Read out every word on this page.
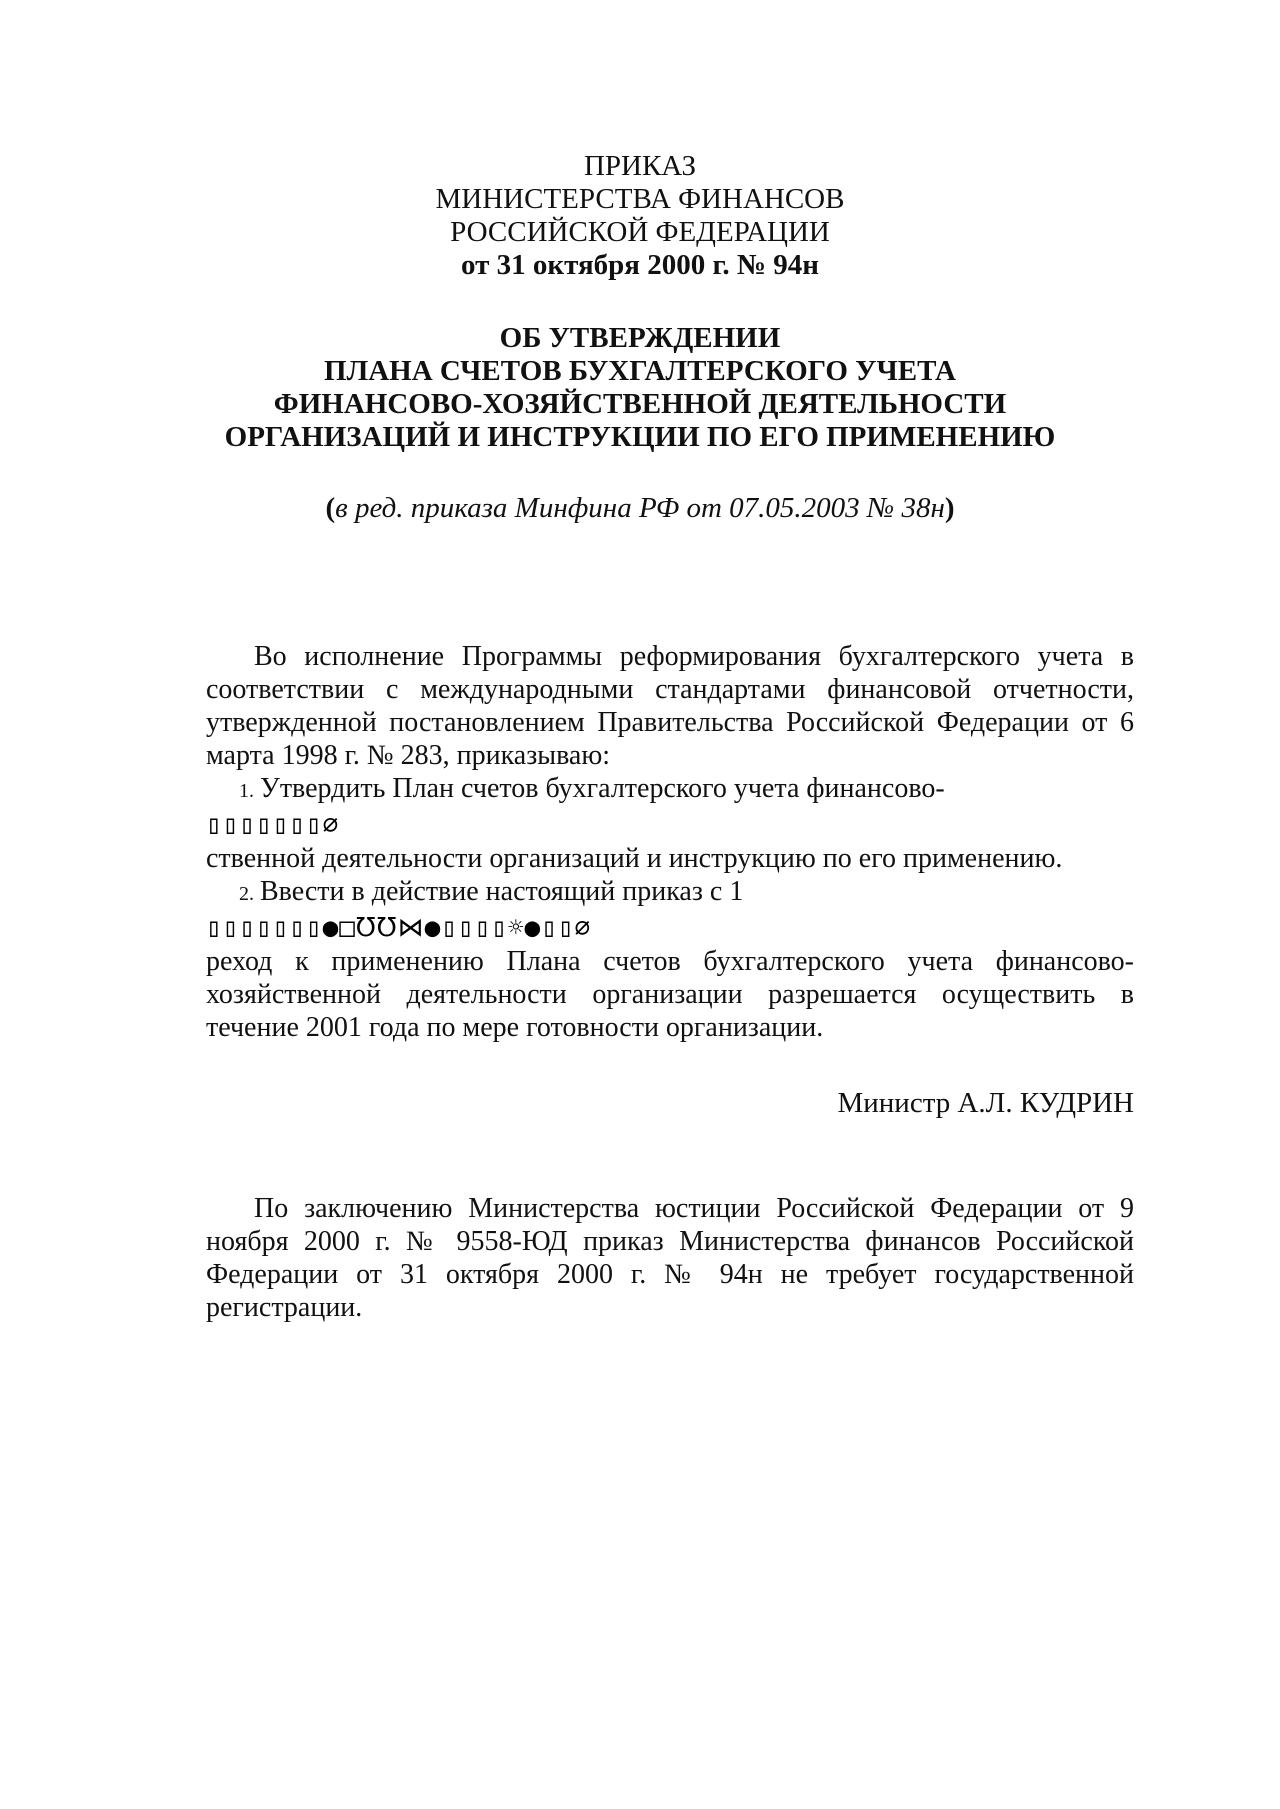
ПРИКАЗ
МИНИСТЕРСТВА ФИНАНСОВ
РОССИЙСКОЙ ФЕДЕРАЦИИ
от 31 октября 2000 г. № 94н
ОБ УТВЕРЖДЕНИИ
ПЛАНА СЧЕТОВ БУХГАЛТЕРСКОГО УЧЕТА
ФИНАНСОВО-ХОЗЯЙСТВЕННОЙ ДЕЯТЕЛЬНОСТИ
ОРГАНИЗАЦИЙ И ИНСТРУКЦИИ ПО ЕГО ПРИМЕНЕНИЮ
(в ред. приказа Минфина РФ от 07.05.2003 № 38н)
Во исполнение Программы реформирования бухгалтерского учета в соответствии с международными стандартами финансовой отчетности, утвержденной постановлением Правительства Российской Федерации от 6 марта 1998 г. № 283, приказываю:
1. Утвердить План счетов бухгалтерского учета финансово-
▯▯▯▯▯▯▯⌀
ственной деятельности организаций и инструкцию по его применению.
2. Ввести в действие настоящий приказ с 1
▯▯▯▯▯▯▯●□℧℧⋈●▯▯▯▯☼●▯▯⌀
реход к применению Плана счетов бухгалтерского учета финансово-хозяйственной деятельности организации разрешается осуществить в течение 2001 года по мере готовности организации.
Министр А.Л. КУДРИН
По заключению Министерства юстиции Российской Федерации от 9 ноября 2000 г. № 9558-ЮД приказ Министерства финансов Российской Федерации от 31 октября 2000 г. № 94н не требует государственной регистрации.
